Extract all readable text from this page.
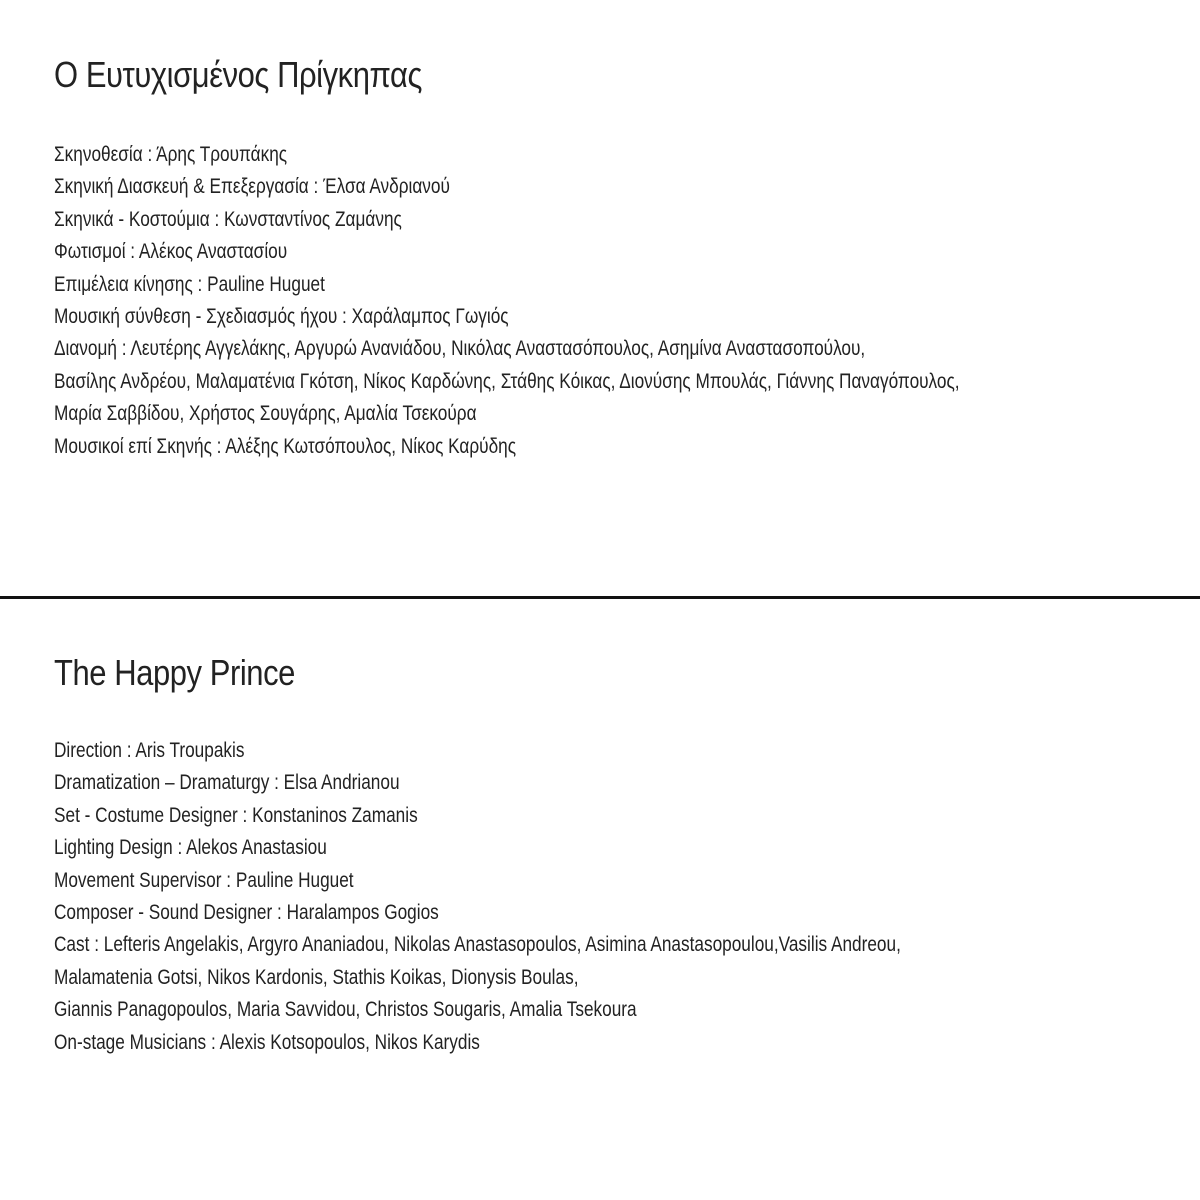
Ο Ευτυχισμένος Πρίγκηπας
Σκηνοθεσία : Άρης Τρουπάκης
Σκηνική Διασκευή & Επεξεργασία : Έλσα Ανδριανού
Σκηνικά - Κοστούμια : Κωνσταντίνος Ζαμάνης
Φωτισμοί : Αλέκος Αναστασίου
Επιμέλεια κίνησης : Pauline Huguet
Μουσική σύνθεση - Σχεδιασμός ήχου : Χαράλαμπος Γωγιός
Διανομή : Λευτέρης Αγγελάκης, Αργυρώ Ανανιάδου, Νικόλας Αναστασόπουλος, Ασημίνα Αναστασοπούλου,
Βασίλης Ανδρέου, Μαλαματένια Γκότση, Νίκος Καρδώνης, Στάθης Κόικας, Διονύσης Μπουλάς, Γιάννης Παναγόπουλος,
Μαρία Σαββίδου, Χρήστος Σουγάρης, Αμαλία Τσεκούρα
Μουσικοί επί Σκηνής : Αλέξης Κωτσόπουλος, Νίκος Καρύδης
The Happy Prince
Direction : Aris Troupakis
Dramatization – Dramaturgy : Elsa Andrianou
Set - Costume Designer : Konstaninos Zamanis
Lighting Design : Alekos Anastasiou
Movement Supervisor : Pauline Huguet
Composer - Sound Designer : Haralampos Gogios
Cast : Lefteris Angelakis, Argyro Ananiadou, Nikolas Anastasopoulos, Asimina Anastasopoulou,Vasilis Andreou,
Malamatenia Gotsi, Nikos Kardonis, Stathis Koikas, Dionysis Boulas,
Giannis Panagopoulos, Maria Savvidou, Christos Sougaris, Amalia Tsekoura
On-stage Musicians : Alexis Kotsopoulos, Nikos Karydis
